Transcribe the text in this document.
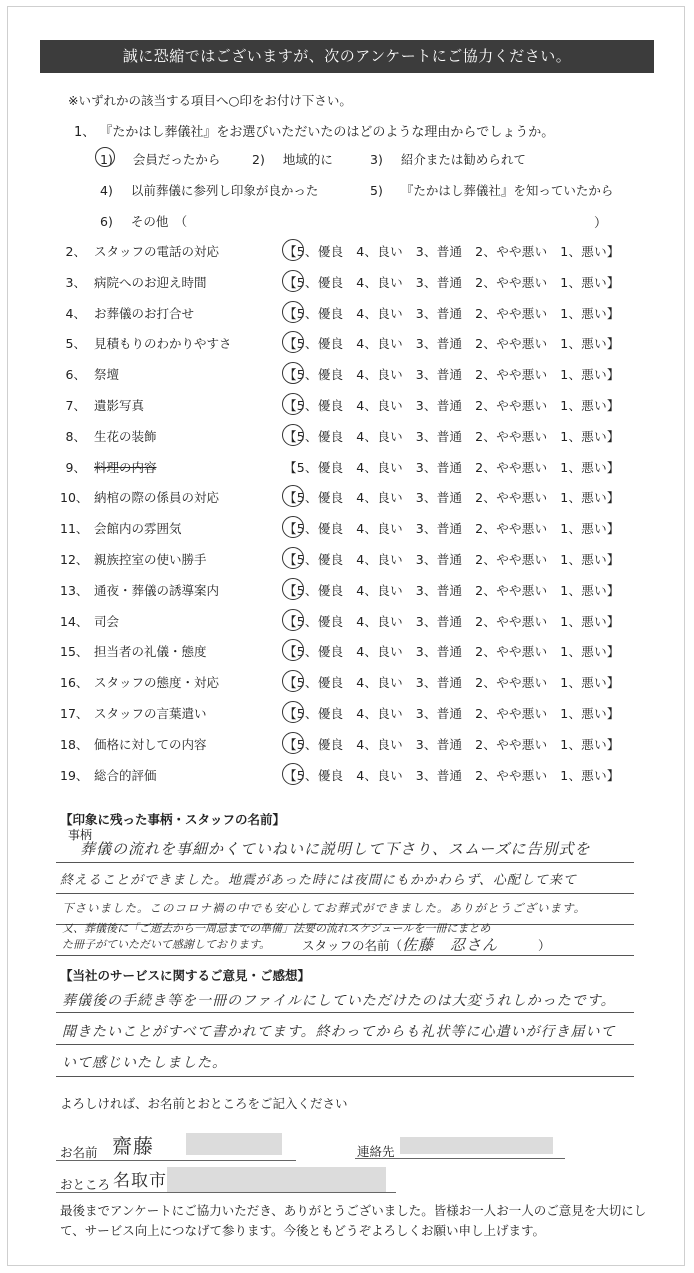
誠に恐縮ではございますが、次のアンケートにご協力ください。
※いずれかの該当する項目へ○印をお付け下さい。
1、 『たかはし葬儀社』をお選びいただいたのはどのような理由からでしょうか。
1) 会員だったから	2) 地域的に	3) 紹介または勧められて
4) 以前葬儀に参列し印象が良かった	5) 『たかはし葬儀社』を知っていたから
6) その他　（	）
2、 スタッフの電話の対応	【5、優良　4、良い　3、普通　2、やや悪い　1、悪い】
3、 病院へのお迎え時間	【5、優良　4、良い　3、普通　2、やや悪い　1、悪い】
4、 お葬儀のお打合せ	【5、優良　4、良い　3、普通　2、やや悪い　1、悪い】
5、 見積もりのわかりやすさ	【5、優良　4、良い　3、普通　2、やや悪い　1、悪い】
6、 祭壇	【5、優良　4、良い　3、普通　2、やや悪い　1、悪い】
7、 遺影写真	【5、優良　4、良い　3、普通　2、やや悪い　1、悪い】
8、 生花の装飾	【5、優良　4、良い　3、普通　2、やや悪い　1、悪い】
9、 料理の内容	【5、優良　4、良い　3、普通　2、やや悪い　1、悪い】
10、 納棺の際の係員の対応	【5、優良　4、良い　3、普通　2、やや悪い　1、悪い】
11、 会館内の雰囲気	【5、優良　4、良い　3、普通　2、やや悪い　1、悪い】
12、 親族控室の使い勝手	【5、優良　4、良い　3、普通　2、やや悪い　1、悪い】
13、 通夜・葬儀の誘導案内	【5、優良　4、良い　3、普通　2、やや悪い　1、悪い】
14、 司会	【5、優良　4、良い　3、普通　2、やや悪い　1、悪い】
15、 担当者の礼儀・態度	【5、優良　4、良い　3、普通　2、やや悪い　1、悪い】
16、 スタッフの態度・対応	【5、優良　4、良い　3、普通　2、やや悪い　1、悪い】
17、 スタッフの言葉遣い	【5、優良　4、良い　3、普通　2、やや悪い　1、悪い】
18、 価格に対しての内容	【5、優良　4、良い　3、普通　2、やや悪い　1、悪い】
19、 総合的評価	【5、優良　4、良い　3、普通　2、やや悪い　1、悪い】
【印象に残った事柄・スタッフの名前】
事柄
葬儀の流れを事細かくていねいに説明して下さり、スムーズに告別式を
終えることができました。地震があった時には夜間にもかかわらず、心配して来て
下さいました。このコロナ禍の中でも安心してお葬式ができました。ありがとうございます。
又、葬儀後に「ご逝去から一周忌までの準備」法要の流れスケジュールを一冊にまとめ
た冊子がていただいて感謝しております。	スタッフの名前（佐藤　忍さん	）
【当社のサービスに関するご意見・ご感想】
葬儀後の手続き等を一冊のファイルにしていただけたのは大変うれしかったです。
聞きたいことがすべて書かれてます。終わってからも礼状等に心遣いが行き届いて
いて感じいたしました。
よろしければ、お名前とおところをご記入ください
お名前 齋藤	連絡先
おところ 名取市
最後までアンケートにご協力いただき、ありがとうございました。皆様お一人お一人のご意見を大切にして、サービス向上につなげて参ります。今後ともどうぞよろしくお願い申し上げます。
